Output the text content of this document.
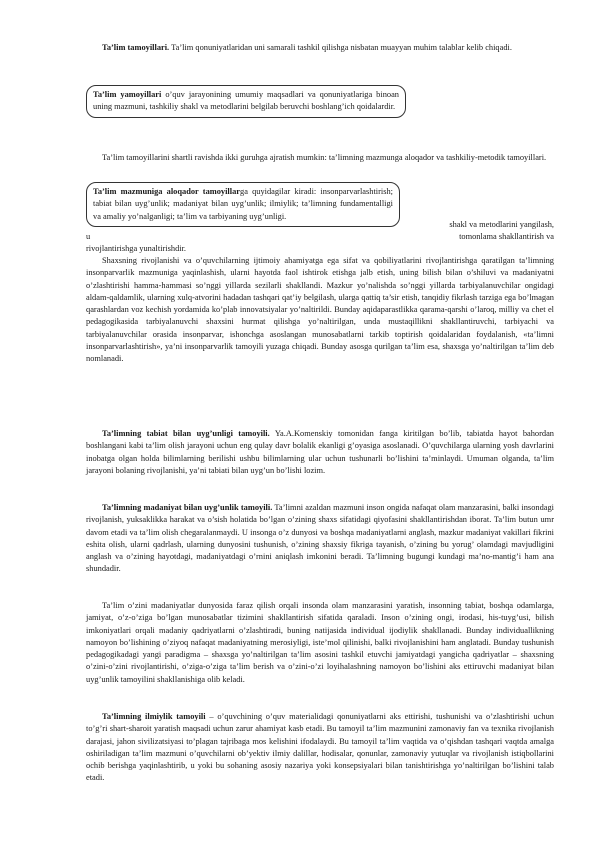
Ta’lim tamoyillari. Ta’lim qonuniyatlaridan uni samarali tashkil qilishga nisbatan muayyan muhim talablar kelib chiqadi.

Ta’lim yamoyillari o’quv jarayonining umumiy maqsadlari va qonuniyatlariga binoan uning mazmuni, tashkiliy shakl va metodlarini belgilab beruvchi boshlang’ich qoidalardir.

Ta’lim tamoyillarini shartli ravishda ikki guruhga ajratish mumkin: ta’limning mazmunga aloqador va tashkiliy-metodik tamoyillari.

shakl va metodlarini yangilash,

tomonlama shakllantirish va

u

rivojlantirishga yunaltirishdir.

Ta’lim mazmuniga aloqador tamoyillarga quyidagilar kiradi: insonparvarlashtirish; tabiat bilan uyg’unlik; madaniyat bilan uyg’unlik; ilmiylik; ta’limning fundamentalligi va amaliy yo’nalganligi; ta’lim va tarbiyaning uyg’unligi.

Shaxsning rivojlanishi va o’quvchilarning ijtimoiy ahamiyatga ega sifat va qobiliyatlarini rivojlantirishga qaratilgan ta’limning insonparvarlik mazmuniga yaqinlashish, ularni hayotda faol ishtirok etishga jalb etish, uning bilish bilan o’shiluvi va madaniyatni o’zlashtirishi hamma-hammasi so’nggi yillarda sezilarli shakllandi. Mazkur yo’nalishda so’nggi yillarda tarbiyalanuvchilar ongidagi aldam-qaldamlik, ularning xulq-atvorini hadadan tashqari qat’iy belgilash, ularga qattiq ta’sir etish, tanqidiy fikrlash tarziga ega bo’lmagan qarashlardan voz kechish yordamida ko’plab innovatsiyalar yo’naltirildi. Bunday aqidaparastlikka qarama-qarshi o’laroq, milliy va chet el pedagogikasida tarbiyalanuvchi shaxsini hurmat qilishga yo’naltirilgan, unda mustaqillikni shakllantiruvchi, tarbiyachi va tarbiyalanuvchilar orasida insonparvar, ishonchga asoslangan munosabatlarni tarkib toptirish qoidalaridan foydalanish, «ta’limni insonparvarlashtirish», ya’ni insonparvarlik tamoyili yuzaga chiqadi. Bunday asosga qurilgan ta’lim esa, shaxsga yo’naltirilgan ta’lim deb nomlanadi.

Ta’limning tabiat bilan uyg’unligi tamoyili. Ya.A.Komenskiy tomonidan fanga kiritilgan bo’lib, tabiatda hayot bahordan boshlangani kabi ta’lim olish jarayoni uchun eng qulay davr bolalik ekanligi g’oyasiga asoslanadi. O’quvchilarga ularning yosh davrlarini inobatga olgan holda bilimlarning berilishi ushbu bilimlarning ular uchun tushunarli bo’lishini ta’minlaydi. Umuman olganda, ta’lim jarayoni bolaning rivojlanishi, ya’ni tabiati bilan uyg’un bo’lishi lozim.

Ta’limning madaniyat bilan uyg’unlik tamoyili. Ta’limni azaldan mazmuni inson ongida nafaqat olam manzarasini, balki insondagi rivojlanish, yuksaklikka harakat va o’sish holatida bo’lgan o’zining shaxs sifatidagi qiyofasini shakllantirishdan iborat. Ta’lim butun umr davom etadi va ta’lim olish chegaralanmaydi. U insonga o’z dunyosi va boshqa madaniyatlarni anglash, mazkur madaniyat vakillari fikrini eshita olish, ularni qadrlash, ularning dunyosini tushunish, o’zining shaxsiy fikriga tayanish, o’zining bu yorug’ olamdagi mavjudligini anglash va o’zining hayotdagi, madaniyatdagi o’rnini aniqlash imkonini beradi. Ta’limning bugungi kundagi ma’no-mantig’i ham ana shundadir.

Ta’lim o’zini madaniyatlar dunyosida faraz qilish orqali insonda olam manzarasini yaratish, insonning tabiat, boshqa odamlarga, jamiyat, o’z-o’ziga bo’lgan munosabatlar tizimini shakllantirish sifatida qaraladi. Inson o’zining ongi, irodasi, his-tuyg’usi, bilish imkoniyatlari orqali madaniy qadriyatlarni o’zlashtiradi, buning natijasida individual ijodiylik shakllanadi. Bunday individuallikning namoyon bo’lishining o’ziyoq nafaqat madaniyatning merosiyligi, iste’mol qilinishi, balki rivojlanishini ham anglatadi. Bunday tushunish pedagogikadagi yangi paradigma – shaxsga yo’naltirilgan ta’lim asosini tashkil etuvchi jamiyatdagi yangicha qadriyatlar – shaxsning o’zini-o’zini rivojlantirishi, o’ziga-o’ziga ta’lim berish va o’zini-o’zi loyihalashning namoyon bo’lishini aks ettiruvchi madaniyat bilan uyg’unlik tamoyilini shakllanishiga olib keladi.

Ta’limning ilmiylik tamoyili – o’quvchining o’quv materialidagi qonuniyatlarni aks ettirishi, tushunishi va o’zlashtirishi uchun to’g’ri shart-sharoit yaratish maqsadi uchun zarur ahamiyat kasb etadi. Bu tamoyil ta’lim mazmunini zamonaviy fan va texnika rivojlanish darajasi, jahon sivilizatsiyasi to’plagan tajribaga mos kelishini ifodalaydi. Bu tamoyil ta’lim vaqtida va o’qishdan tashqari vaqtda amalga oshiriladigan ta’lim mazmuni o’quvchilarni ob’yektiv ilmiy dalillar, hodisalar, qonunlar, zamonaviy yutuqlar va rivojlanish istiqbollarini ochib berishga yaqinlashtirib, u yoki bu sohaning asosiy nazariya yoki konsepsiyalari bilan tanishtirishga yo’naltirilgan bo’lishini talab etadi.
